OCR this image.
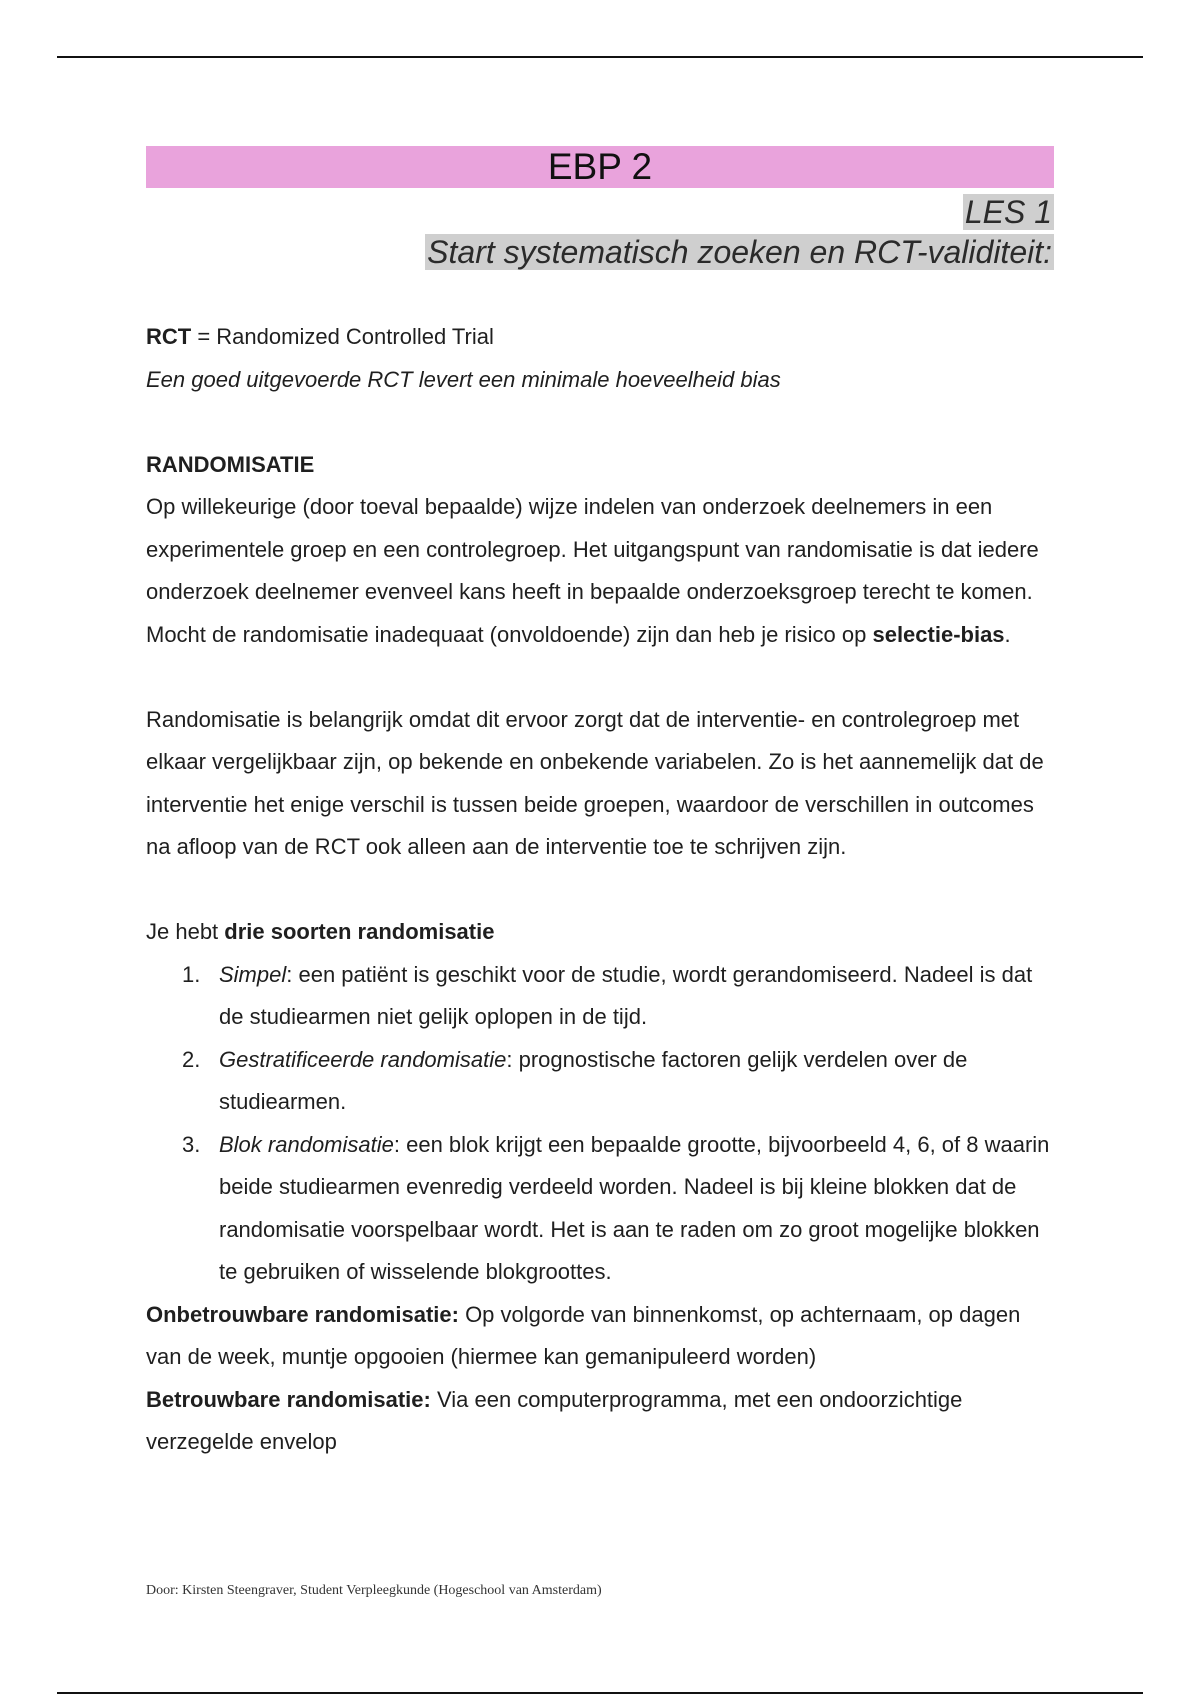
EBP 2
LES 1
Start systematisch zoeken en RCT-validiteit:

RCT = Randomized Controlled Trial

Een goed uitgevoerde RCT levert een minimale hoeveelheid bias

RANDOMISATIE

Op willekeurige (door toeval bepaalde) wijze indelen van onderzoek deelnemers in een experimentele groep en een controlegroep. Het uitgangspunt van randomisatie is dat iedere onderzoek deelnemer evenveel kans heeft in bepaalde onderzoeksgroep terecht te komen. Mocht de randomisatie inadequaat (onvoldoende) zijn dan heb je risico op selectie-bias.

Randomisatie is belangrijk omdat dit ervoor zorgt dat de interventie- en controlegroep met elkaar vergelijkbaar zijn, op bekende en onbekende variabelen. Zo is het aannemelijk dat de interventie het enige verschil is tussen beide groepen, waardoor de verschillen in outcomes na afloop van de RCT ook alleen aan de interventie toe te schrijven zijn.

Je hebt drie soorten randomisatie

1. Simpel: een patiënt is geschikt voor de studie, wordt gerandomiseerd. Nadeel is dat de studiearmen niet gelijk oplopen in de tijd.
2. Gestratificeerde randomisatie: prognostische factoren gelijk verdelen over de studiearmen.
3. Blok randomisatie: een blok krijgt een bepaalde grootte, bijvoorbeeld 4, 6, of 8 waarin beide studiearmen evenredig verdeeld worden. Nadeel is bij kleine blokken dat de randomisatie voorspelbaar wordt. Het is aan te raden om zo groot mogelijke blokken te gebruiken of wisselende blokgroottes.

Onbetrouwbare randomisatie: Op volgorde van binnenkomst, op achternaam, op dagen van de week, muntje opgooien (hiermee kan gemanipuleerd worden)

Betrouwbare randomisatie: Via een computerprogramma, met een ondoorzichtige verzegelde envelop

Door: Kirsten Steengraver, Student Verpleegkunde (Hogeschool van Amsterdam)
